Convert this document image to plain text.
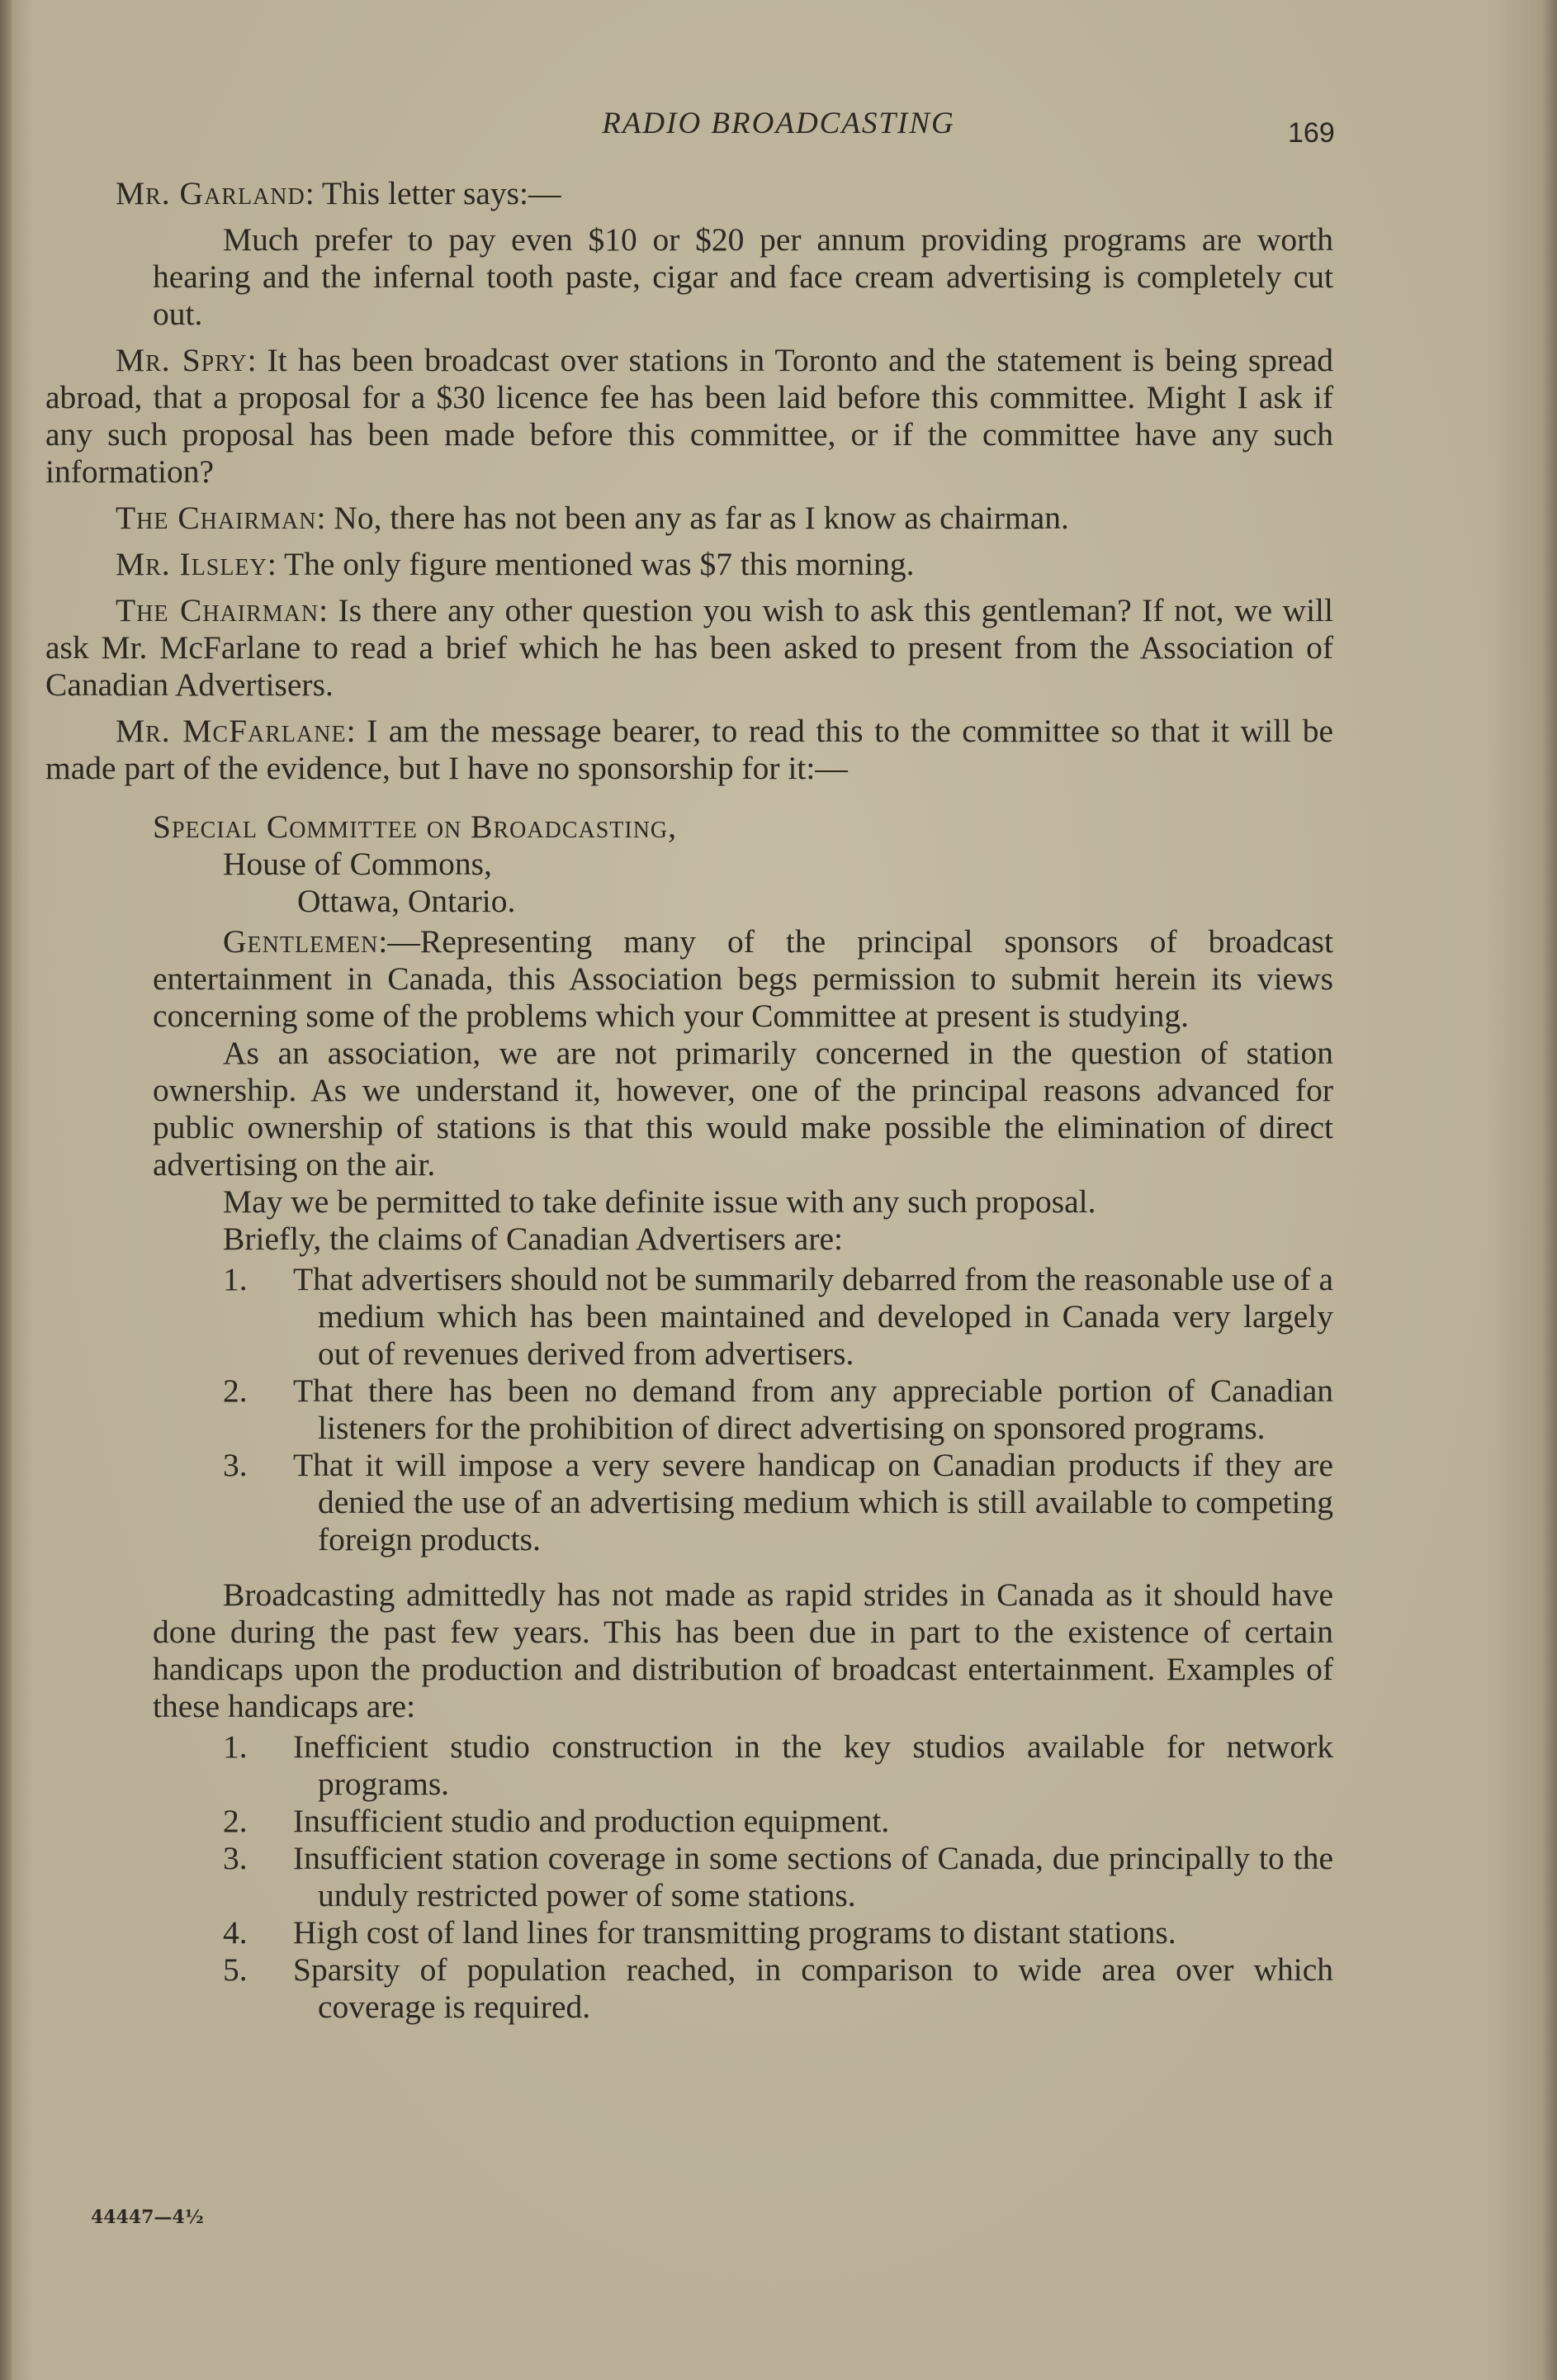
RADIO BROADCASTING	169

Mr. Garland: This letter says:—

Much prefer to pay even $10 or $20 per annum providing programs are worth hearing and the infernal tooth paste, cigar and face cream advertising is completely cut out.

Mr. Spry: It has been broadcast over stations in Toronto and the statement is being spread abroad, that a proposal for a $30 licence fee has been laid before this committee. Might I ask if any such proposal has been made before this committee, or if the committee have any such information?

The Chairman: No, there has not been any as far as I know as chairman.

Mr. Ilsley: The only figure mentioned was $7 this morning.

The Chairman: Is there any other question you wish to ask this gentleman? If not, we will ask Mr. McFarlane to read a brief which he has been asked to present from the Association of Canadian Advertisers.

Mr. McFarlane: I am the message bearer, to read this to the committee so that it will be made part of the evidence, but I have no sponsorship for it:—

Special Committee on Broadcasting,

House of Commons,

Ottawa, Ontario.

Gentlemen:—Representing many of the principal sponsors of broadcast entertainment in Canada, this Association begs permission to submit herein its views concerning some of the problems which your Committee at present is studying.

As an association, we are not primarily concerned in the question of station ownership. As we understand it, however, one of the principal reasons advanced for public ownership of stations is that this would make possible the elimination of direct advertising on the air.

May we be permitted to take definite issue with any such proposal.

Briefly, the claims of Canadian Advertisers are:

1. That advertisers should not be summarily debarred from the reasonable use of a medium which has been maintained and developed in Canada very largely out of revenues derived from advertisers.
2. That there has been no demand from any appreciable portion of Canadian listeners for the prohibition of direct advertising on sponsored programs.
3. That it will impose a very severe handicap on Canadian products if they are denied the use of an advertising medium which is still available to competing foreign products.

Broadcasting admittedly has not made as rapid strides in Canada as it should have done during the past few years. This has been due in part to the existence of certain handicaps upon the production and distribution of broadcast entertainment. Examples of these handicaps are:

1. Inefficient studio construction in the key studios available for network programs.
2. Insufficient studio and production equipment.
3. Insufficient station coverage in some sections of Canada, due principally to the unduly restricted power of some stations.
4. High cost of land lines for transmitting programs to distant stations.
5. Sparsity of population reached, in comparison to wide area over which coverage is required.
44447—4½
